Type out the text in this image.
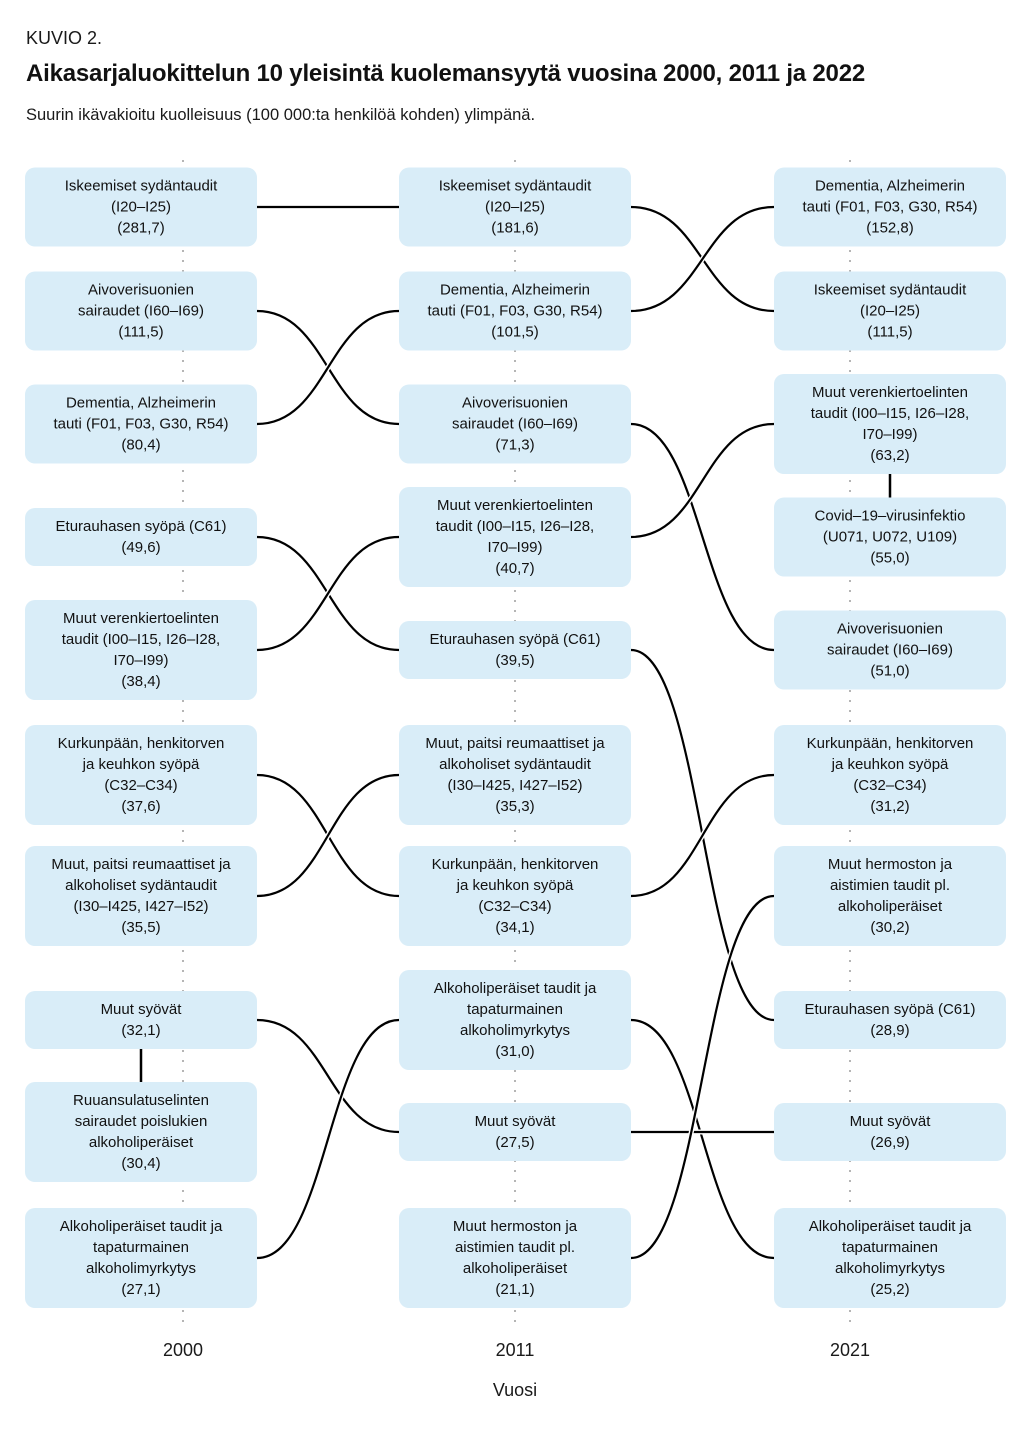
KUVIO 2.
Aikasarjaluokittelun 10 yleisintä kuolemansyytä vuosina 2000, 2011 ja 2022
Suurin ikävakioitu kuolleisuus (100 000:ta henkilöä kohden) ylimpänä.
Iskeemiset sydäntaudit
(I20–I25)
(281,7)
Aivoverisuonien
sairaudet (I60–I69)
(111,5)
Dementia, Alzheimerin
tauti (F01, F03, G30, R54)
(80,4)
Eturauhasen syöpä (C61)
(49,6)
Muut verenkiertoelinten
taudit (I00–I15, I26–I28,
I70–I99)
(38,4)
Kurkunpään, henkitorven
ja keuhkon syöpä
(C32–C34)
(37,6)
Muut, paitsi reumaattiset ja
alkoholiset sydäntaudit
(I30–I425, I427–I52)
(35,5)
Muut syövät
(32,1)
Ruuansulatuselinten
sairaudet poislukien
alkoholiperäiset
(30,4)
Alkoholiperäiset taudit ja
tapaturmainen
alkoholimyrkytys
(27,1)
Iskeemiset sydäntaudit
(I20–I25)
(181,6)
Dementia, Alzheimerin
tauti (F01, F03, G30, R54)
(101,5)
Aivoverisuonien
sairaudet (I60–I69)
(71,3)
Muut verenkiertoelinten
taudit (I00–I15, I26–I28,
I70–I99)
(40,7)
Eturauhasen syöpä (C61)
(39,5)
Muut, paitsi reumaattiset ja
alkoholiset sydäntaudit
(I30–I425, I427–I52)
(35,3)
Kurkunpään, henkitorven
ja keuhkon syöpä
(C32–C34)
(34,1)
Alkoholiperäiset taudit ja
tapaturmainen
alkoholimyrkytys
(31,0)
Muut syövät
(27,5)
Muut hermoston ja
aistimien taudit pl.
alkoholiperäiset
(21,1)
Dementia, Alzheimerin
tauti (F01, F03, G30, R54)
(152,8)
Iskeemiset sydäntaudit
(I20–I25)
(111,5)
Muut verenkiertoelinten
taudit (I00–I15, I26–I28,
I70–I99)
(63,2)
Covid–19–virusinfektio
(U071, U072, U109)
(55,0)
Aivoverisuonien
sairaudet (I60–I69)
(51,0)
Kurkunpään, henkitorven
ja keuhkon syöpä
(C32–C34)
(31,2)
Muut hermoston ja
aistimien taudit pl.
alkoholiperäiset
(30,2)
Eturauhasen syöpä (C61)
(28,9)
Muut syövät
(26,9)
Alkoholiperäiset taudit ja
tapaturmainen
alkoholimyrkytys
(25,2)
2000	2011	2021
Vuosi
